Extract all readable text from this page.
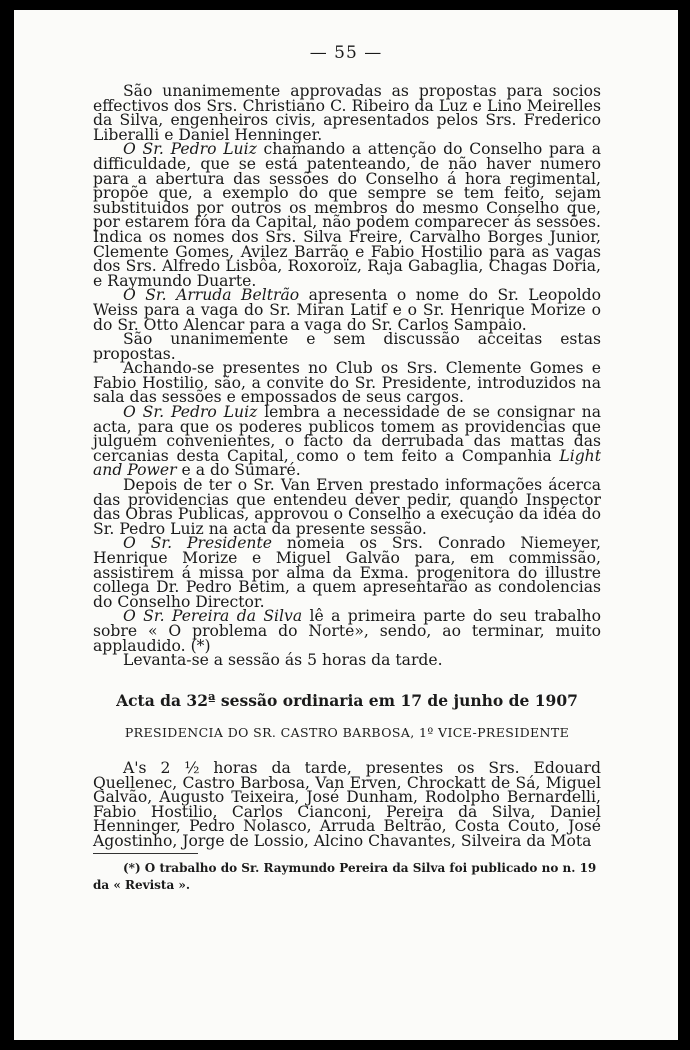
— 55 —

São unanimemente approvadas as propostas para socios effectivos dos Srs. Christiano C. Ribeiro da Luz e Lino Meirelles da Silva, engenheiros civis, apresentados pelos Srs. Frederico Liberalli e Daniel Henninger.

O Sr. Pedro Luiz chamando a attenção do Conselho para a difficuldade, que se está patenteando, de não haver numero para a abertura das sessões do Conselho á hora regimental, propõe que, a exemplo do que sempre se tem feito, sejam substituidos por outros os membros do mesmo Conselho que, por estarem fóra da Capital, não podem comparecer ás sessões. Indica os nomes dos Srs. Silva Freire, Carvalho Borges Junior, Clemente Gomes, Avilez Barrão e Fabio Hostilio para as vagas dos Srs. Alfredo Lisbôa, Roxoroïz, Raja Gabaglia, Chagas Doria, e Raymundo Duarte.

O Sr. Arruda Beltrão apresenta o nome do Sr. Leopoldo Weiss para a vaga do Sr. Miran Latif e o Sr. Henrique Morize o do Sr. Otto Alencar para a vaga do Sr. Carlos Sampaio.

São unanimemente e sem discussão acceitas estas propostas.

Achando-se presentes no Club os Srs. Clemente Gomes e Fabio Hostilio, são, a convite do Sr. Presidente, introduzidos na sala das sessões e empossados de seus cargos.

O Sr. Pedro Luiz lembra a necessidade de se consignar na acta, para que os poderes publicos tomem as providencias que julguem convenientes, o facto da derrubada das mattas das cercanias desta Capital, como o tem feito a Companhia Light and Power e a do Sumaré.

Depois de ter o Sr. Van Erven prestado informações ácerca das providencias que entendeu dever pedir, quando Inspector das Obras Publicas, approvou o Conselho a execução da idéa do Sr. Pedro Luiz na acta da presente sessão.

O Sr. Presidente nomeia os Srs. Conrado Niemeyer, Henrique Morize e Miguel Galvão para, em commissão, assistirem á missa por alma da Exma. progenitora do illustre collega Dr. Pedro Betim, a quem apresentarão as condolencias do Conselho Director.

O Sr. Pereira da Silva lê a primeira parte do seu trabalho sobre « O problema do Norte», sendo, ao terminar, muito applaudido. (*)

Levanta-se a sessão ás 5 horas da tarde.

Acta da 32ª sessão ordinaria em 17 de junho de 1907
PRESIDENCIA DO SR. CASTRO BARBOSA, 1º VICE-PRESIDENTE

A's 2 ½ horas da tarde, presentes os Srs. Edouard Quellenec, Castro Barbosa, Van Erven, Chrockatt de Sá, Miguel Galvão, Augusto Teixeira, José Dunham, Rodolpho Bernardelli, Fabio Hostilio, Carlos Cianconi, Pereira da Silva, Daniel Henninger, Pedro Nolasco, Arruda Beltrão, Costa Couto, José Agostinho, Jorge de Lossio, Alcino Chavantes, Silveira da Mota

(*) O trabalho do Sr. Raymundo Pereira da Silva foi publicado no n. 19

da « Revista ».
